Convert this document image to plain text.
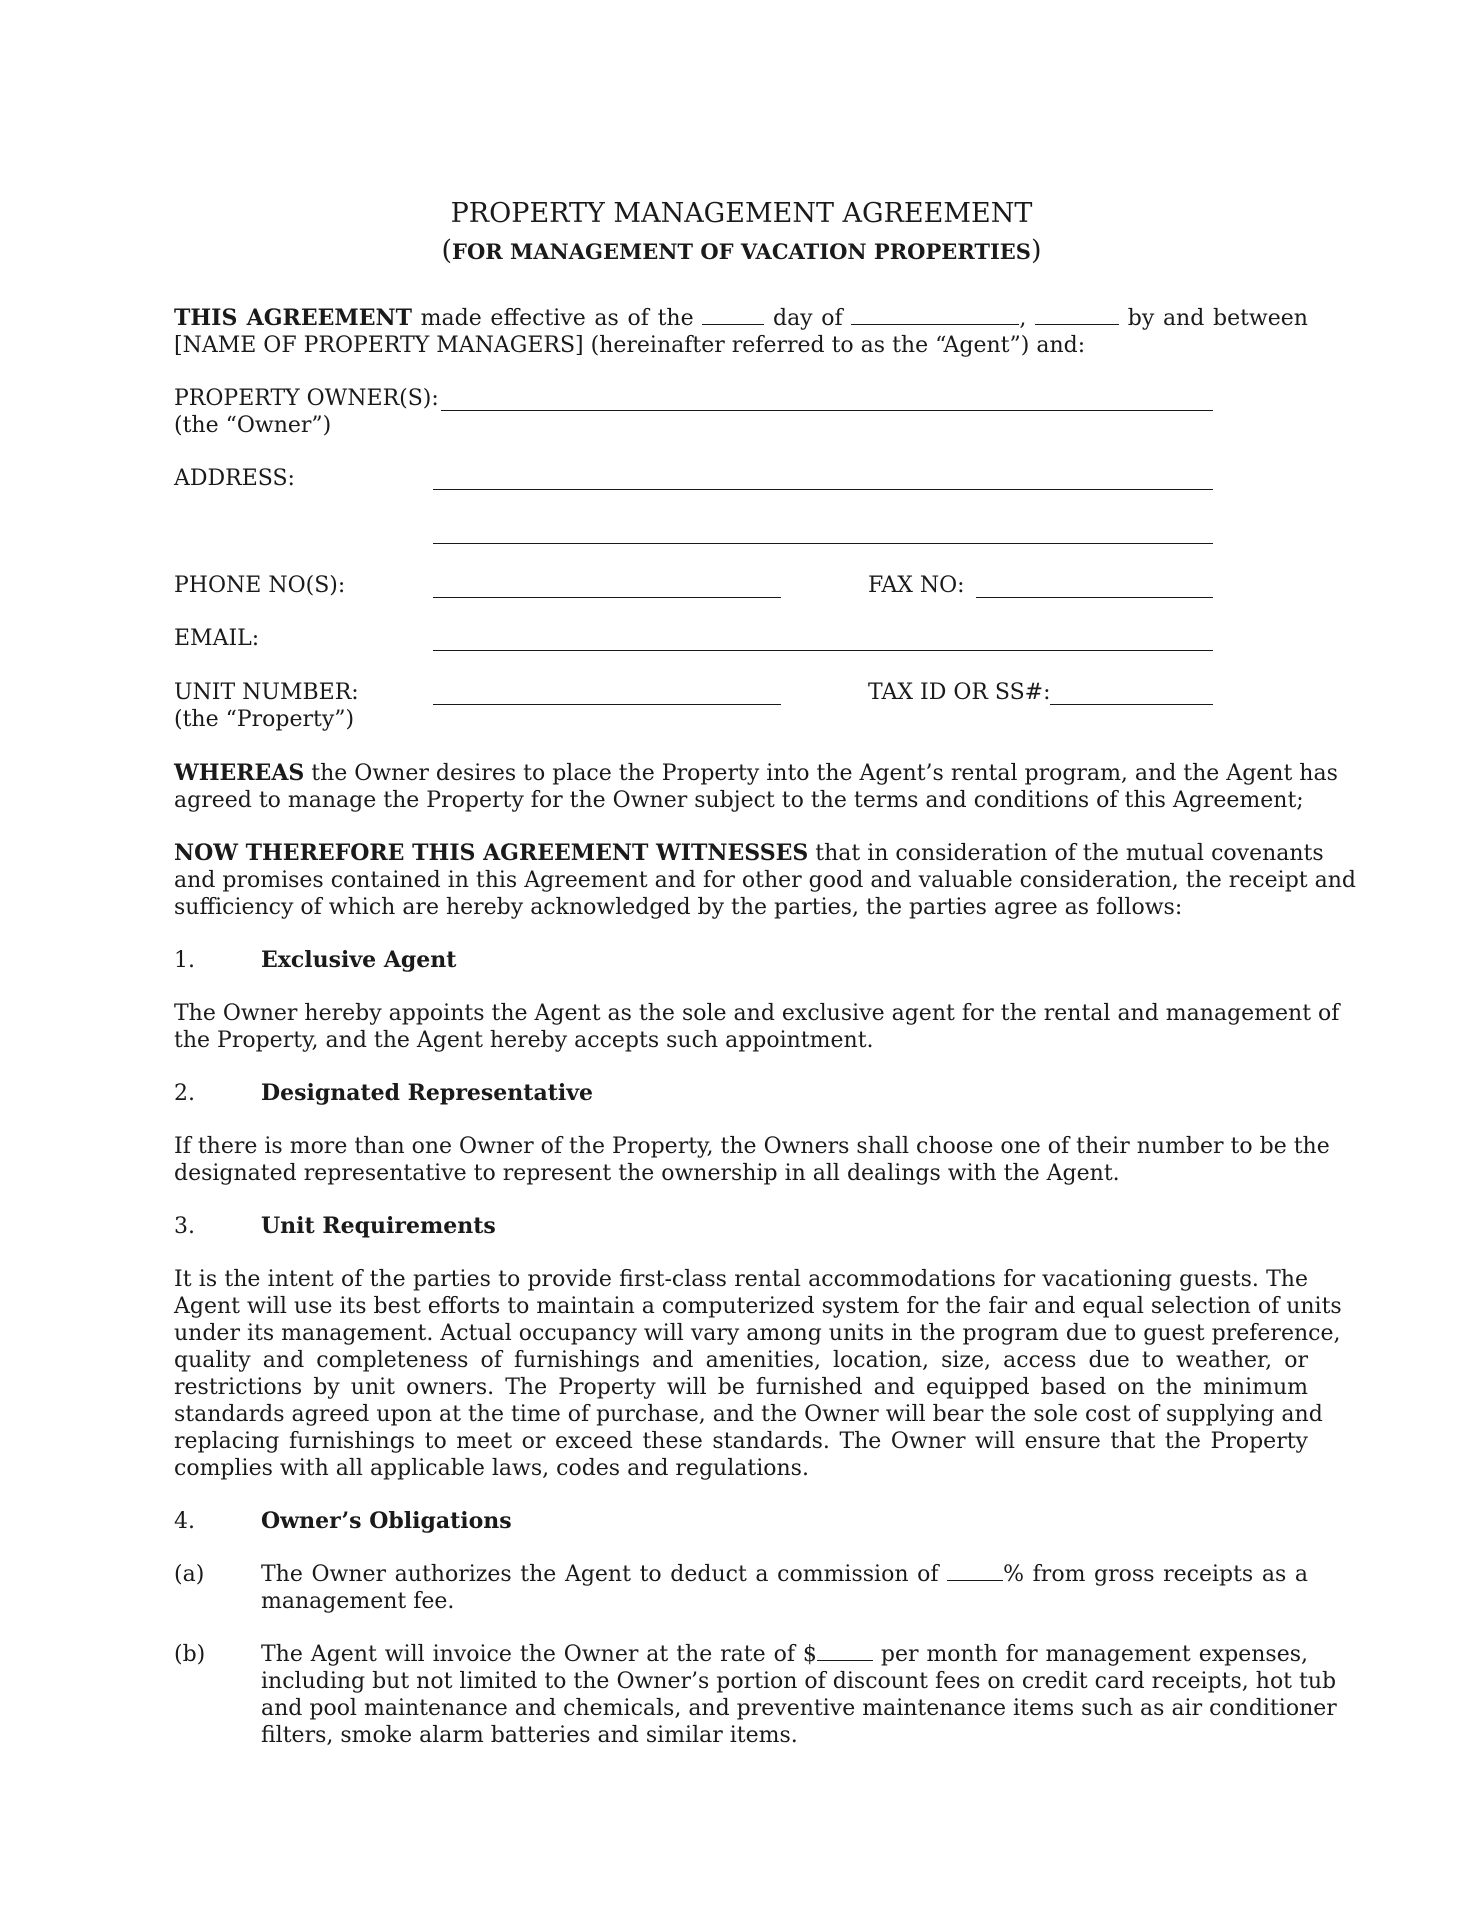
PROPERTY MANAGEMENT AGREEMENT
(FOR MANAGEMENT OF VACATION PROPERTIES)
THIS AGREEMENT made effective as of the	day of	,	by and between
[NAME OF PROPERTY MANAGERS] (hereinafter referred to as the “Agent”) and:
PROPERTY OWNER(S):
(the “Owner”)
ADDRESS:
PHONE NO(S):	FAX NO:
EMAIL:
UNIT NUMBER:
(the “Property”)
TAX ID OR SS#:
WHEREAS the Owner desires to place the Property into the Agent’s rental program, and the Agent has
agreed to manage the Property for the Owner subject to the terms and conditions of this Agreement;
NOW THEREFORE THIS AGREEMENT WITNESSES that in consideration of the mutual covenants
and promises contained in this Agreement and for other good and valuable consideration, the receipt and
sufficiency of which are hereby acknowledged by the parties, the parties agree as follows:
1.	Exclusive Agent
The Owner hereby appoints the Agent as the sole and exclusive agent for the rental and management of
the Property, and the Agent hereby accepts such appointment.
2.	Designated Representative
If there is more than one Owner of the Property, the Owners shall choose one of their number to be the
designated representative to represent the ownership in all dealings with the Agent.
3.	Unit Requirements
It is the intent of the parties to provide first-class rental accommodations for vacationing guests. The
Agent will use its best efforts to maintain a computerized system for the fair and equal selection of units
under its management. Actual occupancy will vary among units in the program due to guest preference,
quality and completeness of furnishings and amenities, location, size, access due to weather, or
restrictions by unit owners. The Property will be furnished and equipped based on the minimum
standards agreed upon at the time of purchase, and the Owner will bear the sole cost of supplying and
replacing furnishings to meet or exceed these standards. The Owner will ensure that the Property
complies with all applicable laws, codes and regulations.
4.	Owner’s Obligations
(a)	The Owner authorizes the Agent to deduct a commission of	% from gross receipts as a
management fee.
(b)	The Agent will invoice the Owner at the rate of $	per month for management expenses,
including but not limited to the Owner’s portion of discount fees on credit card receipts, hot tub
and pool maintenance and chemicals, and preventive maintenance items such as air conditioner
filters, smoke alarm batteries and similar items.
